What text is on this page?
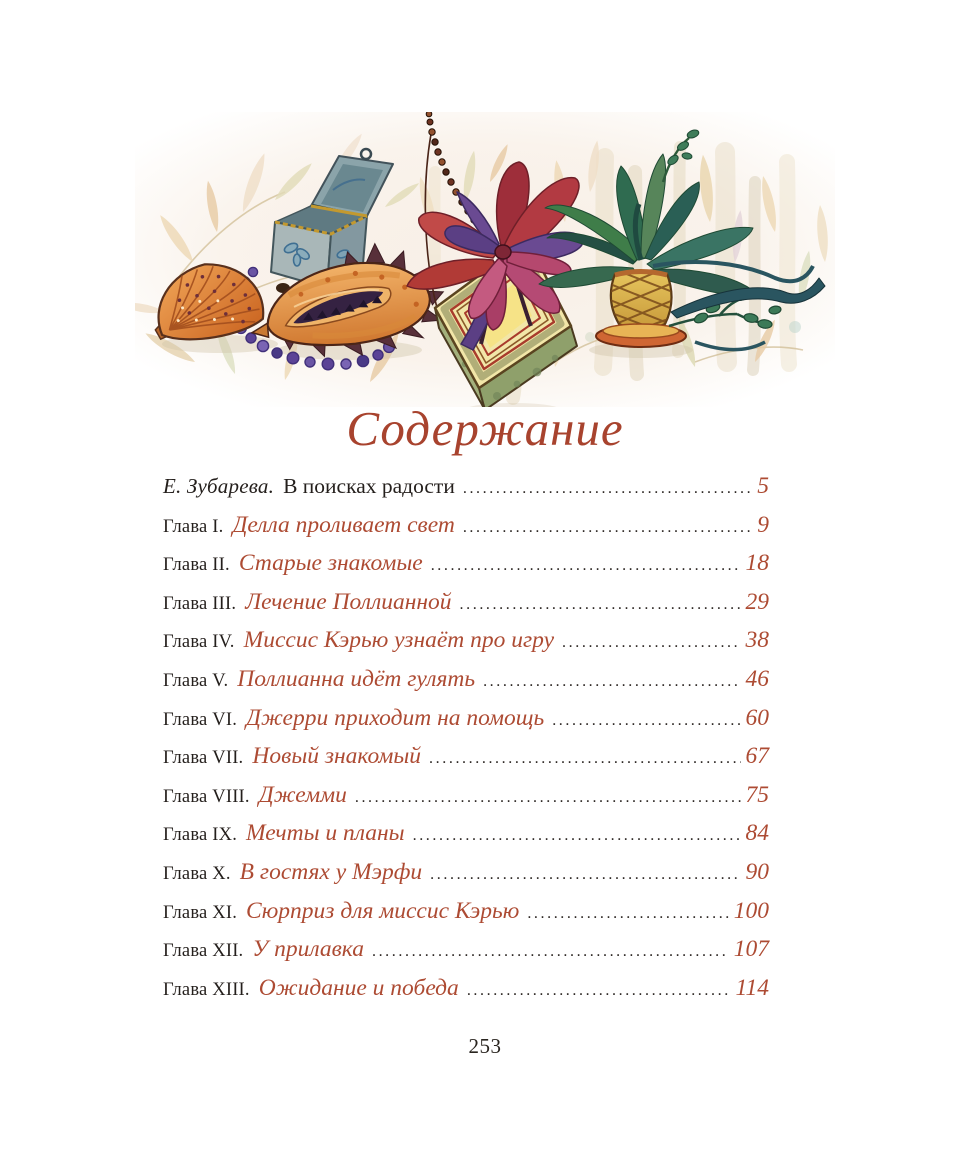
Содержание
Е. Зубарева. В поисках радости .....	5
Глава I. Делла проливает свет .....	9
Глава II. Старые знакомые .....	18
Глава III. Лечение Поллианной .....	29
Глава IV. Миссис Кэрью узнаёт про игру .....	38
Глава V. Поллианна идёт гулять .....	46
Глава VI. Джерри приходит на помощь .....	60
Глава VII. Новый знакомый .....	67
Глава VIII. Джемми .....	75
Глава IX. Мечты и планы .....	84
Глава X. В гостях у Мэрфи .....	90
Глава XI. Сюрприз для миссис Кэрью .....	100
Глава XII. У прилавка .....	107
Глава XIII. Ожидание и победа .....	114
253
